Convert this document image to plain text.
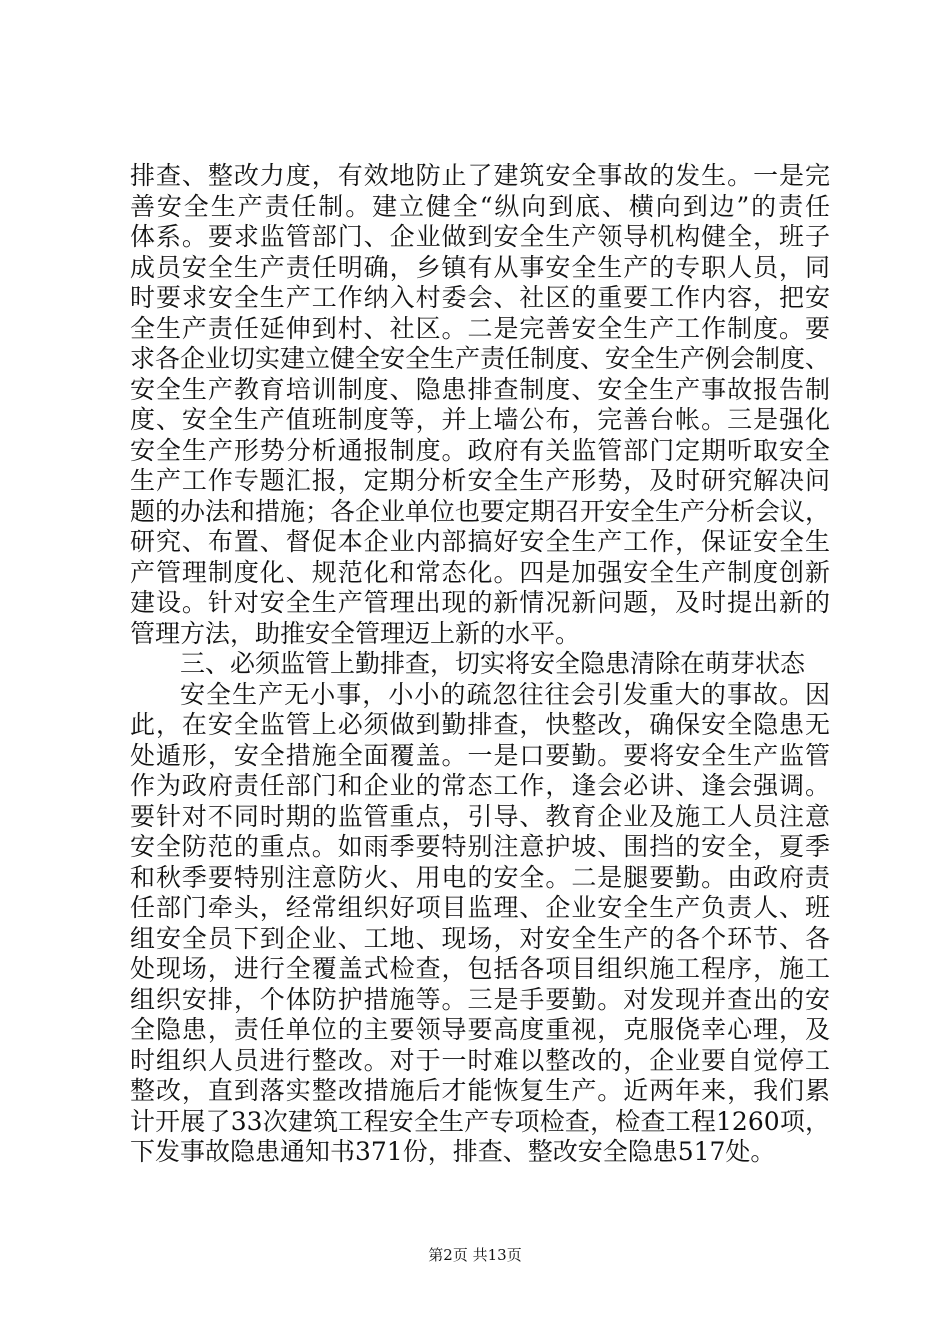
排查、整改力度，有效地防止了建筑安全事故的发生。一是完
善安全生产责任制。建立健全“纵向到底、横向到边”的责任
体系。要求监管部门、企业做到安全生产领导机构健全，班子
成员安全生产责任明确，乡镇有从事安全生产的专职人员，同
时要求安全生产工作纳入村委会、社区的重要工作内容，把安
全生产责任延伸到村、社区。二是完善安全生产工作制度。要
求各企业切实建立健全安全生产责任制度、安全生产例会制度、
安全生产教育培训制度、隐患排查制度、安全生产事故报告制
度、安全生产值班制度等，并上墙公布，完善台帐。三是强化
安全生产形势分析通报制度。政府有关监管部门定期听取安全
生产工作专题汇报，定期分析安全生产形势，及时研究解决问
题的办法和措施；各企业单位也要定期召开安全生产分析会议，
研究、布置、督促本企业内部搞好安全生产工作，保证安全生
产管理制度化、规范化和常态化。四是加强安全生产制度创新
建设。针对安全生产管理出现的新情况新问题，及时提出新的
管理方法，助推安全管理迈上新的水平。
三、必须监管上勤排查，切实将安全隐患清除在萌芽状态
安全生产无小事，小小的疏忽往往会引发重大的事故。因
此，在安全监管上必须做到勤排查，快整改，确保安全隐患无
处遁形，安全措施全面覆盖。一是口要勤。要将安全生产监管
作为政府责任部门和企业的常态工作，逢会必讲、逢会强调。
要针对不同时期的监管重点，引导、教育企业及施工人员注意
安全防范的重点。如雨季要特别注意护坡、围挡的安全，夏季
和秋季要特别注意防火、用电的安全。二是腿要勤。由政府责
任部门牵头，经常组织好项目监理、企业安全生产负责人、班
组安全员下到企业、工地、现场，对安全生产的各个环节、各
处现场，进行全覆盖式检查，包括各项目组织施工程序，施工
组织安排，个体防护措施等。三是手要勤。对发现并查出的安
全隐患，责任单位的主要领导要高度重视，克服侥幸心理，及
时组织人员进行整改。对于一时难以整改的，企业要自觉停工
整改，直到落实整改措施后才能恢复生产。近两年来，我们累
计开展了33次建筑工程安全生产专项检查，检查工程1260项，
下发事故隐患通知书371份，排查、整改安全隐患517处。
第2页 共13页
